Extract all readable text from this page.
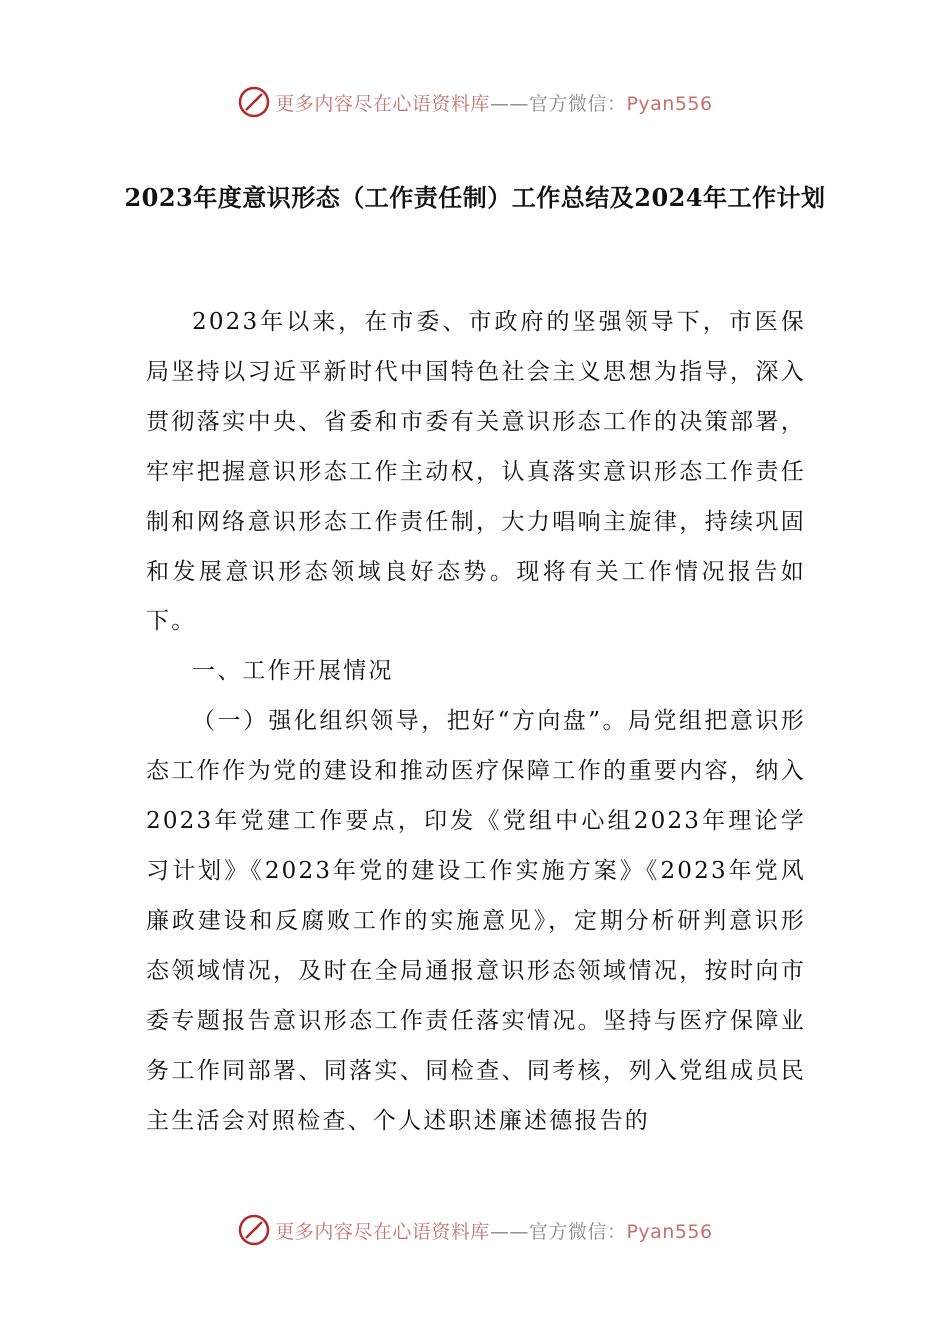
更多内容尽在心语资料库——官方微信：Pyan556
2023年度意识形态（工作责任制）工作总结及2024年工作计划

2023年以来，在市委、市政府的坚强领导下，市医保局坚持以习近平新时代中国特色社会主义思想为指导，深入贯彻落实中央、省委和市委有关意识形态工作的决策部署，牢牢把握意识形态工作主动权，认真落实意识形态工作责任制和网络意识形态工作责任制，大力唱响主旋律，持续巩固和发展意识形态领域良好态势。现将有关工作情况报告如下。

一、工作开展情况

（一）强化组织领导，把好“方向盘”。局党组把意识形态工作作为党的建设和推动医疗保障工作的重要内容，纳入2023年党建工作要点，印发《党组中心组2023年理论学习计划》《2023年党的建设工作实施方案》《2023年党风廉政建设和反腐败工作的实施意见》，定期分析研判意识形态领域情况，及时在全局通报意识形态领域情况，按时向市委专题报告意识形态工作责任落实情况。坚持与医疗保障业务工作同部署、同落实、同检查、同考核，列入党组成员民主生活会对照检查、个人述职述廉述德报告的

更多内容尽在心语资料库——官方微信：Pyan556
